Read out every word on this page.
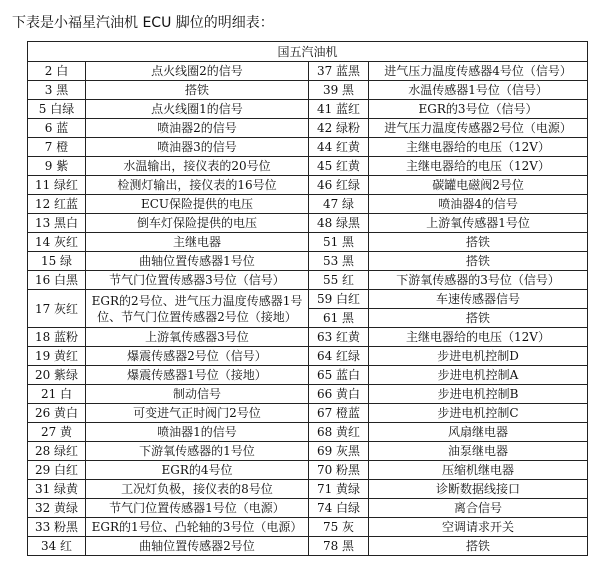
下表是小福星汽油机 ECU 脚位的明细表：
国五汽油机			
2 白	点火线圈2的信号	37 蓝黑	进气压力温度传感器4号位（信号）
3 黑	搭铁	39 黑	水温传感器1号位（信号）
5 白绿	点火线圈1的信号	41 蓝红	EGR的3号位（信号）
6 蓝	喷油器2的信号	42 绿粉	进气压力温度传感器2号位（电源）
7 橙	喷油器3的信号	44 红黄	主继电器给的电压（12V）
9 紫	水温输出，接仪表的20号位	45 红黄	主继电器给的电压（12V）
11 绿红	检测灯输出，接仪表的16号位	46 红绿	碳罐电磁阀2号位
12 红蓝	ECU保险提供的电压	47 绿	喷油器4的信号
13 黑白	倒车灯保险提供的电压	48 绿黑	上游氧传感器1号位
14 灰红	主继电器	51 黑	搭铁
15 绿	曲轴位置传感器1号位	53 黑	搭铁
16 白黑	节气门位置传感器3号位（信号）	55 红	下游氧传感器的3号位（信号）
17 灰红	EGR的2号位、进气压力温度传感器1号位、节气门位置传感器2号位（接地）	59 白红	车速传感器信号
		61 黑	搭铁
18 蓝粉	上游氧传感器3号位	63 红黄	主继电器给的电压（12V）
19 黄红	爆震传感器2号位（信号）	64 红绿	步进电机控制D
20 紫绿	爆震传感器1号位（接地）	65 蓝白	步进电机控制A
21 白	制动信号	66 黄白	步进电机控制B
26 黄白	可变进气正时阀门2号位	67 橙蓝	步进电机控制C
27 黄	喷油器1的信号	68 黄红	风扇继电器
28 绿红	下游氧传感器的1号位	69 灰黑	油泵继电器
29 白红	EGR的4号位	70 粉黑	压缩机继电器
31 绿黄	工况灯负极，接仪表的8号位	71 黄绿	诊断数据线接口
32 黄绿	节气门位置传感器1号位（电源）	74 白绿	离合信号
33 粉黑	EGR的1号位、凸轮轴的3号位（电源）	75 灰	空调请求开关
34 红	曲轴位置传感器2号位	78 黑	搭铁
